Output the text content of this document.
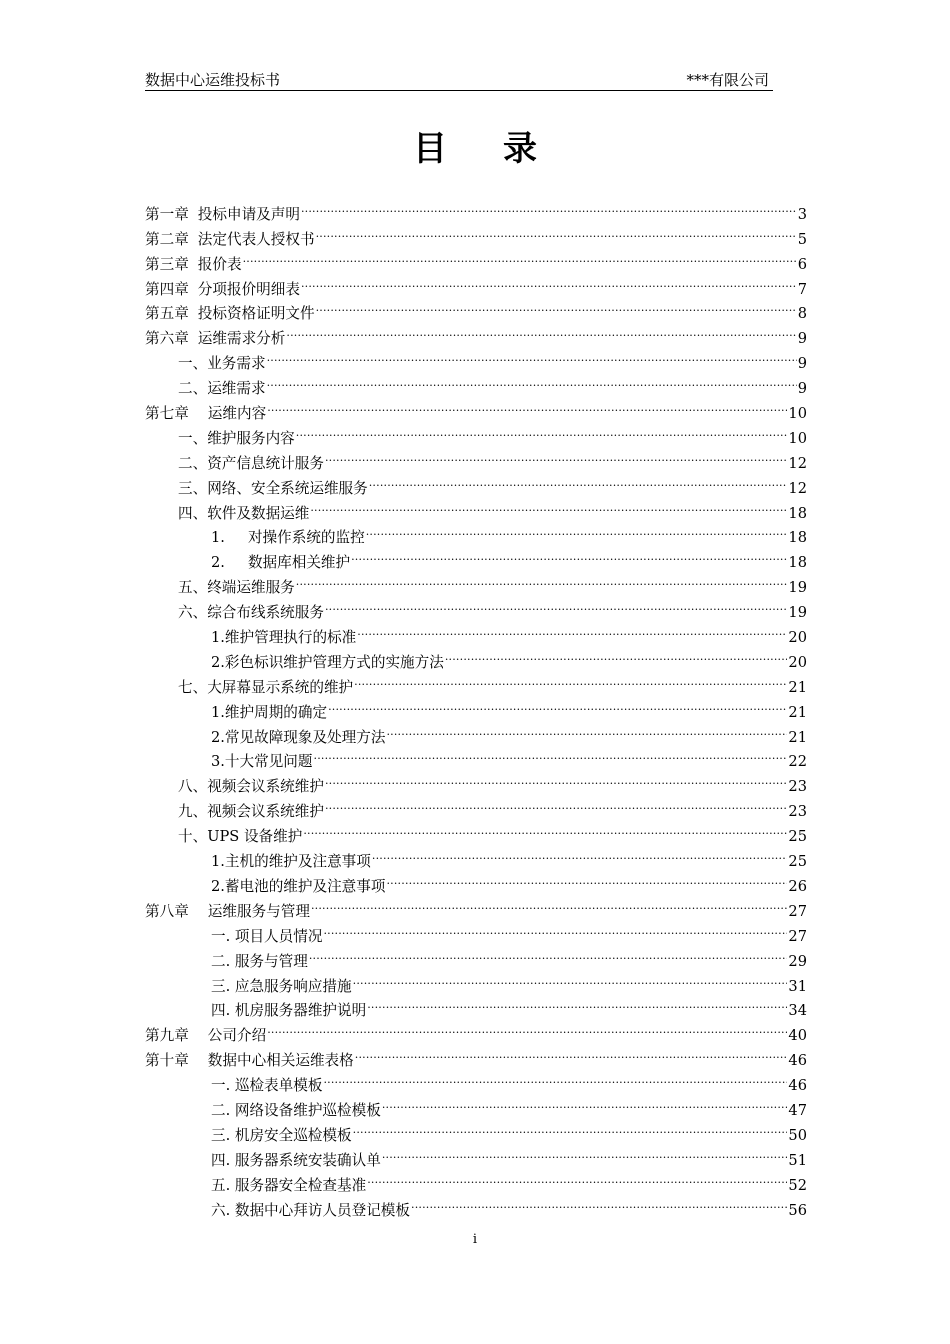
数据中心运维投标书	***有限公司
目录
第一章 投标申请及声明 .....	3
第二章 法定代表人授权书 .....	5
第三章 报价表 .....	6
第四章 分项报价明细表 .....	7
第五章 投标资格证明文件 .....	8
第六章 运维需求分析 .....	9
一、业务需求 .....	9
二、运维需求 .....	9
第七章 运维内容 .....	10
一、维护服务内容 .....	10
二、资产信息统计服务 .....	12
三、网络、安全系统运维服务 .....	12
四、软件及数据运维 .....	18
1. 对操作系统的监控 .....	18
2. 数据库相关维护 .....	18
五、终端运维服务 .....	19
六、综合布线系统服务 .....	19
1.维护管理执行的标准 .....	20
2.彩色标识维护管理方式的实施方法 .....	20
七、大屏幕显示系统的维护 .....	21
1.维护周期的确定 .....	21
2.常见故障现象及处理方法 .....	21
3.十大常见问题 .....	22
八、视频会议系统维护 .....	23
九、视频会议系统维护 .....	23
十、UPS 设备维护 .....	25
1.主机的维护及注意事项 .....	25
2.蓄电池的维护及注意事项 .....	26
第八章 运维服务与管理 .....	27
一. 项目人员情况 .....	27
二. 服务与管理 .....	29
三. 应急服务响应措施 .....	31
四. 机房服务器维护说明 .....	34
第九章 公司介绍 .....	40
第十章 数据中心相关运维表格 .....	46
一. 巡检表单模板 .....	46
二. 网络设备维护巡检模板 .....	47
三. 机房安全巡检模板 .....	50
四. 服务器系统安装确认单 .....	51
五. 服务器安全检查基准 .....	52
六. 数据中心拜访人员登记模板 .....	56
i
